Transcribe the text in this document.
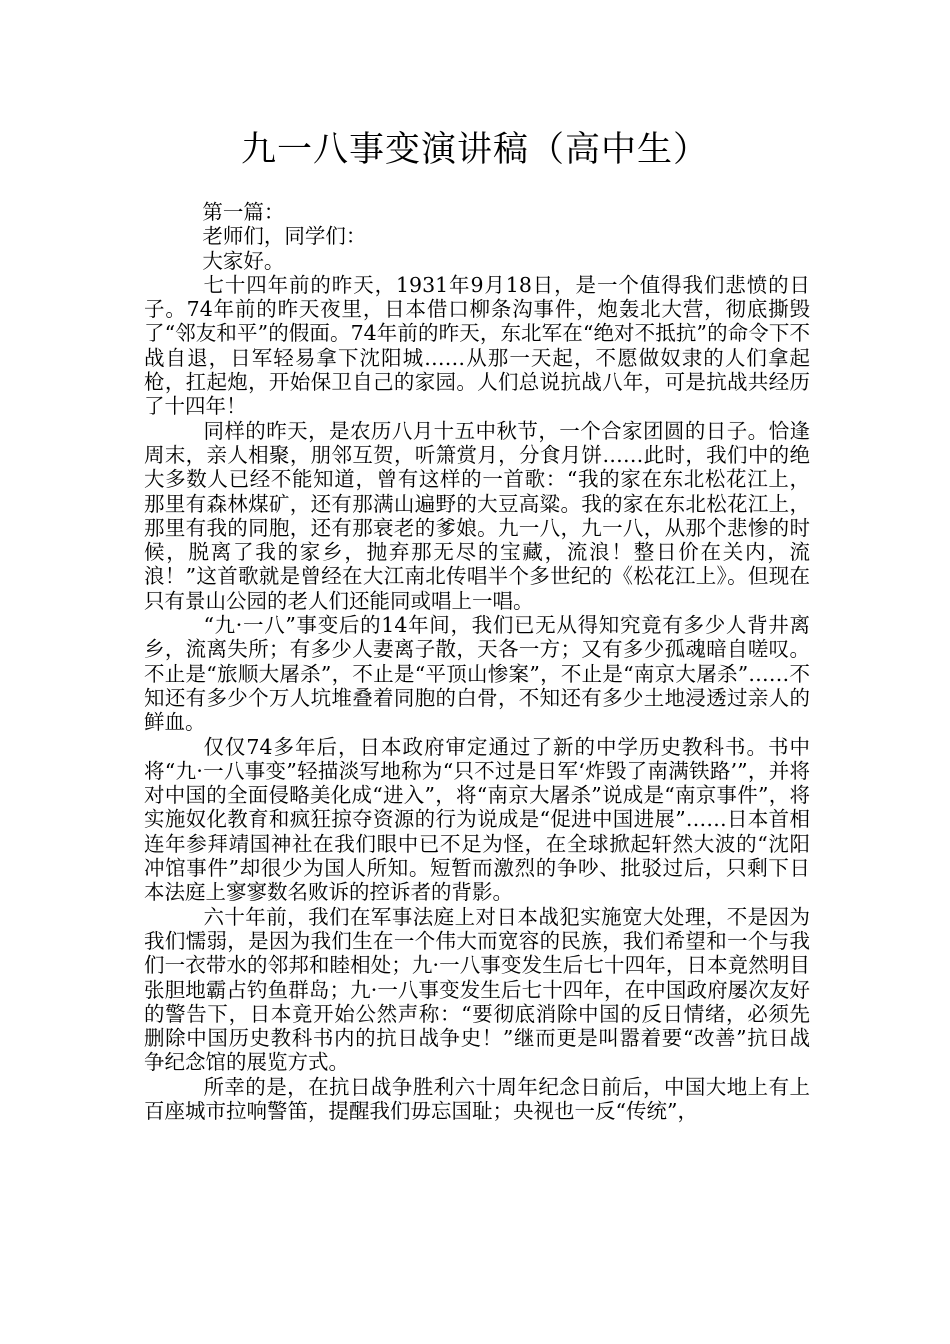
九一八事变演讲稿（高中生）

第一篇：

老师们，同学们：

大家好。

七十四年前的昨天，1931年9月18日，是一个值得我们悲愤的日子。74年前的昨天夜里，日本借口柳条沟事件，炮轰北大营，彻底撕毁了“邻友和平”的假面。74年前的昨天，东北军在“绝对不抵抗”的命令下不战自退，日军轻易拿下沈阳城……从那一天起，不愿做奴隶的人们拿起枪，扛起炮，开始保卫自己的家园。人们总说抗战八年，可是抗战共经历了十四年！

同样的昨天，是农历八月十五中秋节，一个合家团圆的日子。恰逢周末，亲人相聚，朋邻互贺，听箫赏月，分食月饼……此时，我们中的绝大多数人已经不能知道，曾有这样的一首歌：“我的家在东北松花江上，那里有森林煤矿，还有那满山遍野的大豆高粱。我的家在东北松花江上，那里有我的同胞，还有那衰老的爹娘。九一八，九一八，从那个悲惨的时候，脱离了我的家乡，抛弃那无尽的宝藏，流浪！整日价在关内，流浪！”这首歌就是曾经在大江南北传唱半个多世纪的《松花江上》。但现在只有景山公园的老人们还能同或唱上一唱。

“九·一八”事变后的14年间，我们已无从得知究竟有多少人背井离乡，流离失所；有多少人妻离子散，天各一方；又有多少孤魂暗自嗟叹。不止是“旅顺大屠杀”，不止是“平顶山惨案”，不止是“南京大屠杀”……不知还有多少个万人坑堆叠着同胞的白骨，不知还有多少土地浸透过亲人的鲜血。

仅仅74多年后，日本政府审定通过了新的中学历史教科书。书中将“九·一八事变”轻描淡写地称为“只不过是日军‘炸毁了南满铁路’”，并将对中国的全面侵略美化成“进入”，将“南京大屠杀”说成是“南京事件”，将实施奴化教育和疯狂掠夺资源的行为说成是“促进中国进展”……日本首相连年参拜靖国神社在我们眼中已不足为怪，在全球掀起轩然大波的“沈阳冲馆事件”却很少为国人所知。短暂而激烈的争吵、批驳过后，只剩下日本法庭上寥寥数名败诉的控诉者的背影。

六十年前，我们在军事法庭上对日本战犯实施宽大处理，不是因为我们懦弱，是因为我们生在一个伟大而宽容的民族，我们希望和一个与我们一衣带水的邻邦和睦相处；九·一八事变发生后七十四年，日本竟然明目张胆地霸占钓鱼群岛；九·一八事变发生后七十四年，在中国政府屡次友好的警告下，日本竟开始公然声称：“要彻底消除中国的反日情绪，必须先删除中国历史教科书内的抗日战争史！”继而更是叫嚣着要“改善”抗日战争纪念馆的展览方式。

所幸的是，在抗日战争胜利六十周年纪念日前后，中国大地上有上百座城市拉响警笛，提醒我们毋忘国耻；央视也一反“传统”，
